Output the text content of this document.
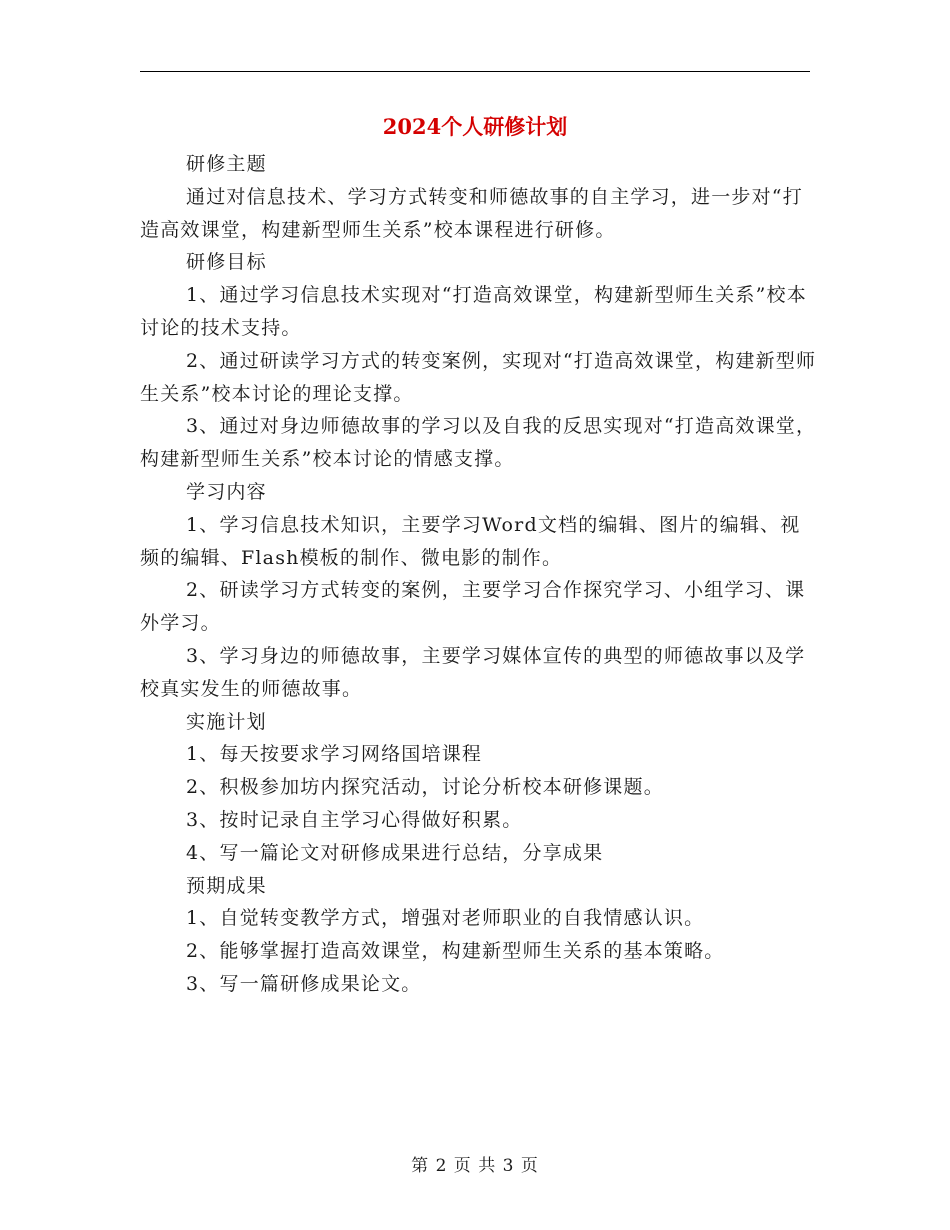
2024个人研修计划

研修主题

通过对信息技术、学习方式转变和师德故事的自主学习，进一步对“打造高效课堂，构建新型师生关系”校本课程进行研修。

研修目标

1、通过学习信息技术实现对“打造高效课堂，构建新型师生关系”校本讨论的技术支持。

2、通过研读学习方式的转变案例，实现对“打造高效课堂，构建新型师生关系”校本讨论的理论支撑。

3、通过对身边师德故事的学习以及自我的反思实现对“打造高效课堂，构建新型师生关系”校本讨论的情感支撑。

学习内容

1、学习信息技术知识，主要学习Word文档的编辑、图片的编辑、视频的编辑、Flash模板的制作、微电影的制作。

2、研读学习方式转变的案例，主要学习合作探究学习、小组学习、课外学习。

3、学习身边的师德故事，主要学习媒体宣传的典型的师德故事以及学校真实发生的师德故事。

实施计划

1、每天按要求学习网络国培课程

2、积极参加坊内探究活动，讨论分析校本研修课题。

3、按时记录自主学习心得做好积累。

4、写一篇论文对研修成果进行总结，分享成果

预期成果

1、自觉转变教学方式，增强对老师职业的自我情感认识。

2、能够掌握打造高效课堂，构建新型师生关系的基本策略。

3、写一篇研修成果论文。

第 2 页 共 3 页
